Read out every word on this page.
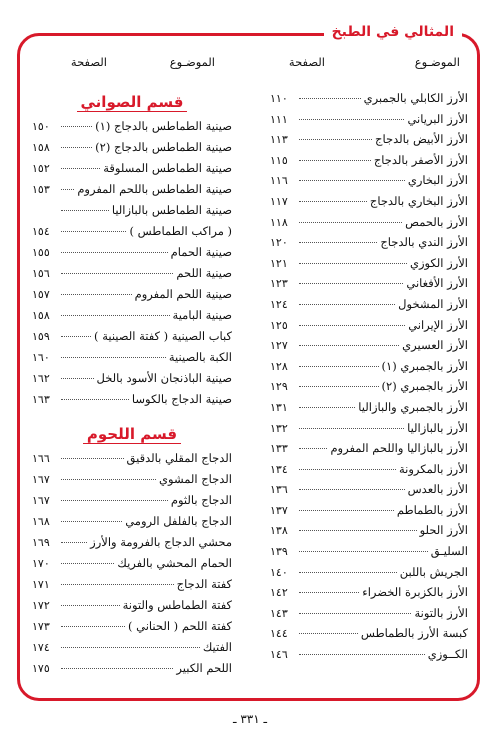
المثالي في الطبخ
الموضـوع
الصفحة
الموضـوع
الصفحة
الأرز الكابلي بالجمبري
١١٠
الأرز البرياني
١١١
الأرز الأبيض بالدجاج
١١٣
الأرز الأصفر بالدجاج
١١٥
الأرز البخاري
١١٦
الأرز البخاري بالدجاج
١١٧
الأرز بالحمص
١١٨
الأرز الندي بالدجاج
١٢٠
الأرز الكوزي
١٢١
الأرز الأفغاني
١٢٣
الأرز المشخول
١٢٤
الأرز الإيراني
١٢٥
الأرز العسيري
١٢٧
الأرز بالجمبري (١)
١٢٨
الأرز بالجمبري (٢)
١٢٩
الأرز بالجمبري والبازاليا
١٣١
الأرز بالبازاليا
١٣٢
الأرز بالبازاليا واللحم المفروم
١٣٣
الأرز بالمكرونة
١٣٤
الأرز بالعدس
١٣٦
الأرز بالطماطم
١٣٧
الأرز الحلو
١٣٨
السليـق
١٣٩
الجريش باللبن
١٤٠
الأرز بالكزبرة الخضراء
١٤٢
الأرز بالتونة
١٤٣
كبسة الأرز بالطماطس
١٤٤
الكــوزي
١٤٦
قسم الصواني
صينية الطماطس بالدجاج (١)
١٥٠
صينية الطماطس بالدجاج (٢)
١٥٨
صينية الطماطس المسلوقة
١٥٢
صينية الطماطس باللحم المفروم
١٥٣
صينية الطماطس بالبازاليا
( مراكب الطماطس )
١٥٤
صينية الحمام
١٥٥
صينية اللحم
١٥٦
صينية اللحم المفروم
١٥٧
صينية البامية
١٥٨
كباب الصينية ( كفتة الصينية )
١٥٩
الكبة بالصينية
١٦٠
صينية الباذنجان الأسود بالخل
١٦٢
صينية الدجاج بالكوسا
١٦٣
قسم اللحوم
الدجاج المقلي بالدقيق
١٦٦
الدجاج المشوي
١٦٧
الدجاج بالثوم
١٦٧
الدجاج بالفلفل الرومي
١٦٨
محشي الدجاج بالفرومة والأرز
١٦٩
الحمام المحشي بالفريك
١٧٠
كفتة الدجاج
١٧١
كفتة الطماطس والتونة
١٧٢
كفتة اللحم ( الحناني )
١٧٣
الفتيك
١٧٤
اللحم الكبير
١٧٥
ـ ٣٣١ ـ
